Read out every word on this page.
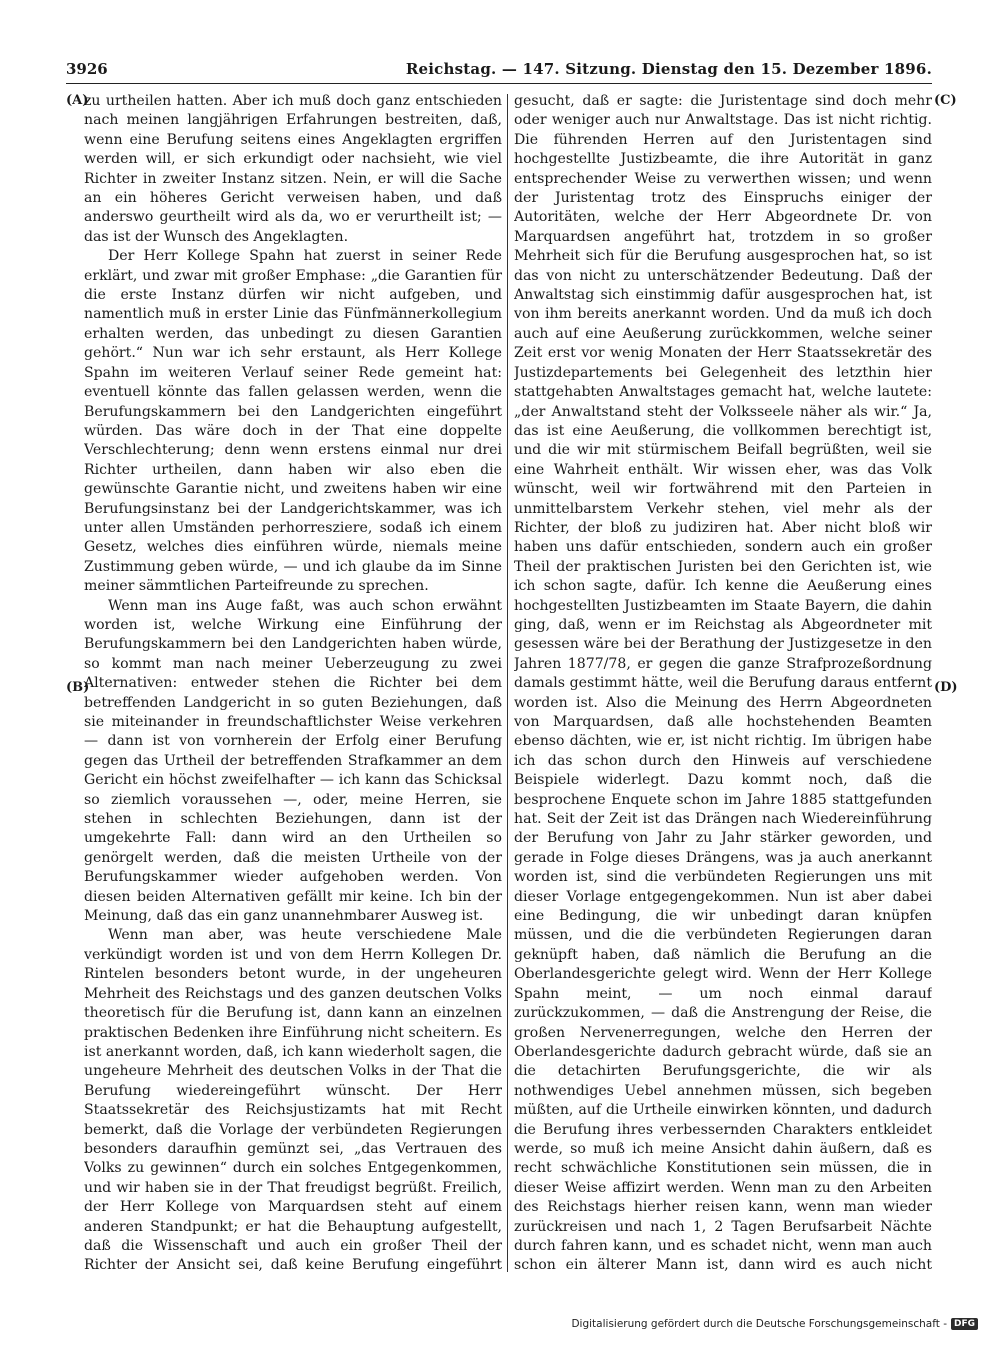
3926	Reichstag. — 147. Sitzung. Dienstag den 15. Dezember 1896.
(A)
(B)
(C)
(D)

zu urtheilen hatten. Aber ich muß doch ganz entschieden nach meinen langjährigen Erfahrungen bestreiten, daß, wenn eine Berufung seitens eines Angeklagten ergriffen werden will, er sich erkundigt oder nachsieht, wie viel Richter in zweiter Instanz sitzen. Nein, er will die Sache an ein höheres Gericht verweisen haben, und daß anderswo geurtheilt wird als da, wo er verurtheilt ist; — das ist der Wunsch des Angeklagten.

Der Herr Kollege Spahn hat zuerst in seiner Rede erklärt, und zwar mit großer Emphase: „die Garantien für die erste Instanz dürfen wir nicht aufgeben, und namentlich muß in erster Linie das Fünfmännerkollegium erhalten werden, das unbedingt zu diesen Garantien gehört.“ Nun war ich sehr erstaunt, als Herr Kollege Spahn im weiteren Verlauf seiner Rede gemeint hat: eventuell könnte das fallen gelassen werden, wenn die Berufungskammern bei den Landgerichten eingeführt würden. Das wäre doch in der That eine doppelte Verschlechterung; denn wenn erstens einmal nur drei Richter urtheilen, dann haben wir also eben die gewünschte Garantie nicht, und zweitens haben wir eine Berufungsinstanz bei der Landgerichtskammer, was ich unter allen Umständen perhorresziere, sodaß ich einem Gesetz, welches dies einführen würde, niemals meine Zustimmung geben würde, — und ich glaube da im Sinne meiner sämmtlichen Parteifreunde zu sprechen.

Wenn man ins Auge faßt, was auch schon erwähnt worden ist, welche Wirkung eine Einführung der Berufungskammern bei den Landgerichten haben würde, so kommt man nach meiner Ueberzeugung zu zwei Alternativen: entweder stehen die Richter bei dem betreffenden Landgericht in so guten Beziehungen, daß sie miteinander in freundschaftlichster Weise verkehren — dann ist von vornherein der Erfolg einer Berufung gegen das Urtheil der betreffenden Strafkammer an dem Gericht ein höchst zweifelhafter — ich kann das Schicksal so ziemlich voraussehen —, oder, meine Herren, sie stehen in schlechten Beziehungen, dann ist der umgekehrte Fall: dann wird an den Urtheilen so genörgelt werden, daß die meisten Urtheile von der Berufungskammer wieder aufgehoben werden. Von diesen beiden Alternativen gefällt mir keine. Ich bin der Meinung, daß das ein ganz unannehmbarer Ausweg ist.

Wenn man aber, was heute verschiedene Male verkündigt worden ist und von dem Herrn Kollegen Dr. Rintelen besonders betont wurde, in der ungeheuren Mehrheit des Reichstags und des ganzen deutschen Volks theoretisch für die Berufung ist, dann kann an einzelnen praktischen Bedenken ihre Einführung nicht scheitern. Es ist anerkannt worden, daß, ich kann wiederholt sagen, die ungeheure Mehrheit des deutschen Volks in der That die Berufung wiedereingeführt wünscht. Der Herr Staatssekretär des Reichsjustizamts hat mit Recht bemerkt, daß die Vorlage der verbündeten Regierungen besonders daraufhin gemünzt sei, „das Vertrauen des Volks zu gewinnen“ durch ein solches Entgegenkommen, und wir haben sie in der That freudigst begrüßt. Freilich, der Herr Kollege von Marquardsen steht auf einem anderen Standpunkt; er hat die Behauptung aufgestellt, daß die Wissenschaft und auch ein großer Theil der Richter der Ansicht sei, daß keine Berufung eingeführt

gesucht, daß er sagte: die Juristentage sind doch mehr oder weniger auch nur Anwaltstage. Das ist nicht richtig. Die führenden Herren auf den Juristentagen sind hochgestellte Justizbeamte, die ihre Autorität in ganz entsprechender Weise zu verwerthen wissen; und wenn der Juristentag trotz des Einspruchs einiger der Autoritäten, welche der Herr Abgeordnete Dr. von Marquardsen angeführt hat, trotzdem in so großer Mehrheit sich für die Berufung ausgesprochen hat, so ist das von nicht zu unterschätzender Bedeutung. Daß der Anwaltstag sich einstimmig dafür ausgesprochen hat, ist von ihm bereits anerkannt worden. Und da muß ich doch auch auf eine Aeußerung zurückkommen, welche seiner Zeit erst vor wenig Monaten der Herr Staatssekretär des Justizdepartements bei Gelegenheit des letzthin hier stattgehabten Anwaltstages gemacht hat, welche lautete: „der Anwaltstand steht der Volksseele näher als wir.“ Ja, das ist eine Aeußerung, die vollkommen berechtigt ist, und die wir mit stürmischem Beifall begrüßten, weil sie eine Wahrheit enthält. Wir wissen eher, was das Volk wünscht, weil wir fortwährend mit den Parteien in unmittelbarstem Verkehr stehen, viel mehr als der Richter, der bloß zu judiziren hat. Aber nicht bloß wir haben uns dafür entschieden, sondern auch ein großer Theil der praktischen Juristen bei den Gerichten ist, wie ich schon sagte, dafür. Ich kenne die Aeußerung eines hochgestellten Justizbeamten im Staate Bayern, die dahin ging, daß, wenn er im Reichstag als Abgeordneter mit gesessen wäre bei der Berathung der Justizgesetze in den Jahren 1877/78, er gegen die ganze Strafprozeßordnung damals gestimmt hätte, weil die Berufung daraus entfernt worden ist. Also die Meinung des Herrn Abgeordneten von Marquardsen, daß alle hochstehenden Beamten ebenso dächten, wie er, ist nicht richtig. Im übrigen habe ich das schon durch den Hinweis auf verschiedene Beispiele widerlegt. Dazu kommt noch, daß die besprochene Enquete schon im Jahre 1885 stattgefunden hat. Seit der Zeit ist das Drängen nach Wiedereinführung der Berufung von Jahr zu Jahr stärker geworden, und gerade in Folge dieses Drängens, was ja auch anerkannt worden ist, sind die verbündeten Regierungen uns mit dieser Vorlage entgegengekommen. Nun ist aber dabei eine Bedingung, die wir unbedingt daran knüpfen müssen, und die die verbündeten Regierungen daran geknüpft haben, daß nämlich die Berufung an die Oberlandesgerichte gelegt wird. Wenn der Herr Kollege Spahn meint, — um noch einmal darauf zurückzukommen, — daß die Anstrengung der Reise, die großen Nervenerregungen, welche den Herren der Oberlandesgerichte dadurch gebracht würde, daß sie an die detachirten Berufungsgerichte, die wir als nothwendiges Uebel annehmen müssen, sich begeben müßten, auf die Urtheile einwirken könnten, und dadurch die Berufung ihres verbessernden Charakters entkleidet werde, so muß ich meine Ansicht dahin äußern, daß es recht schwächliche Konstitutionen sein müssen, die in dieser Weise affizirt werden. Wenn man zu den Arbeiten des Reichstags hierher reisen kann, wenn man wieder zurückreisen und nach 1, 2 Tagen Berufsarbeit Nächte durch fahren kann, und es schadet nicht, wenn man auch schon ein älterer Mann ist, dann wird es auch nicht

Digitalisierung gefördert durch die Deutsche Forschungsgemeinschaft - DFG
